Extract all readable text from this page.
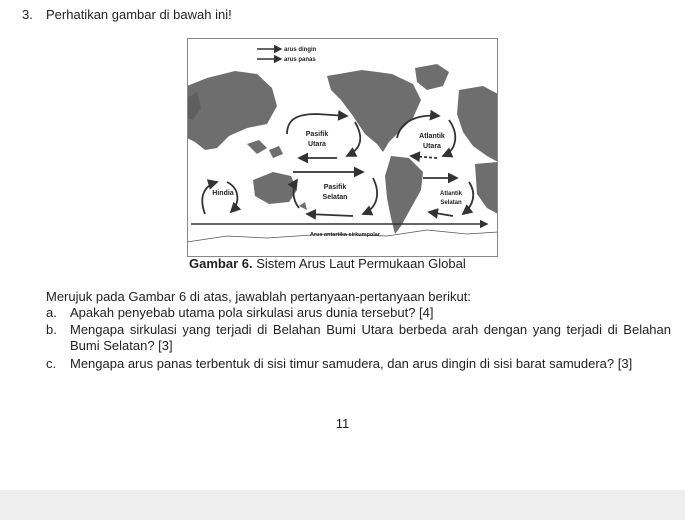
3. Perhatikan gambar di bawah ini!
arus dingin
arus panas
Pasifik
Utara
Atlantik
Utara
Pasifik
Selatan	Atlantik
Selatan
Hindia
Arus antartika sirkumpolar
Gambar 6. Sistem Arus Laut Permukaan Global
Merujuk pada Gambar 6 di atas, jawablah pertanyaan-pertanyaan berikut:
a. Apakah penyebab utama pola sirkulasi arus dunia tersebut? [4]
b. Mengapa sirkulasi yang terjadi di Belahan Bumi Utara berbeda arah dengan yang terjadi di Belahan Bumi Selatan? [3]
c. Mengapa arus panas terbentuk di sisi timur samudera, dan arus dingin di sisi barat samudera? [3]
11
